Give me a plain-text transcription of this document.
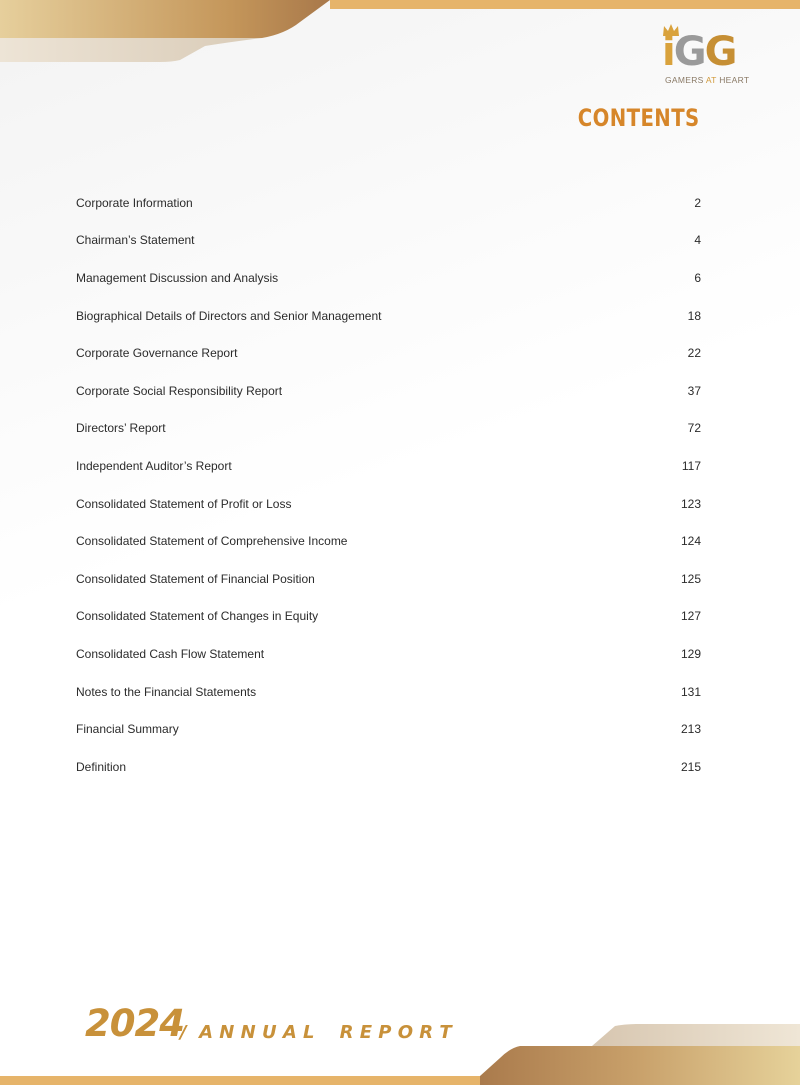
iGG
GAMERS AT HEART
CONTENTS
Corporate Information	2
Chairman’s Statement	4
Management Discussion and Analysis	6
Biographical Details of Directors and Senior Management	18
Corporate Governance Report	22
Corporate Social Responsibility Report	37
Directors’ Report	72
Independent Auditor’s Report	117
Consolidated Statement of Profit or Loss	123
Consolidated Statement of Comprehensive Income	124
Consolidated Statement of Financial Position	125
Consolidated Statement of Changes in Equity	127
Consolidated Cash Flow Statement	129
Notes to the Financial Statements	131
Financial Summary	213
Definition	215
2024
/  A N N U A L    R E P O R T
